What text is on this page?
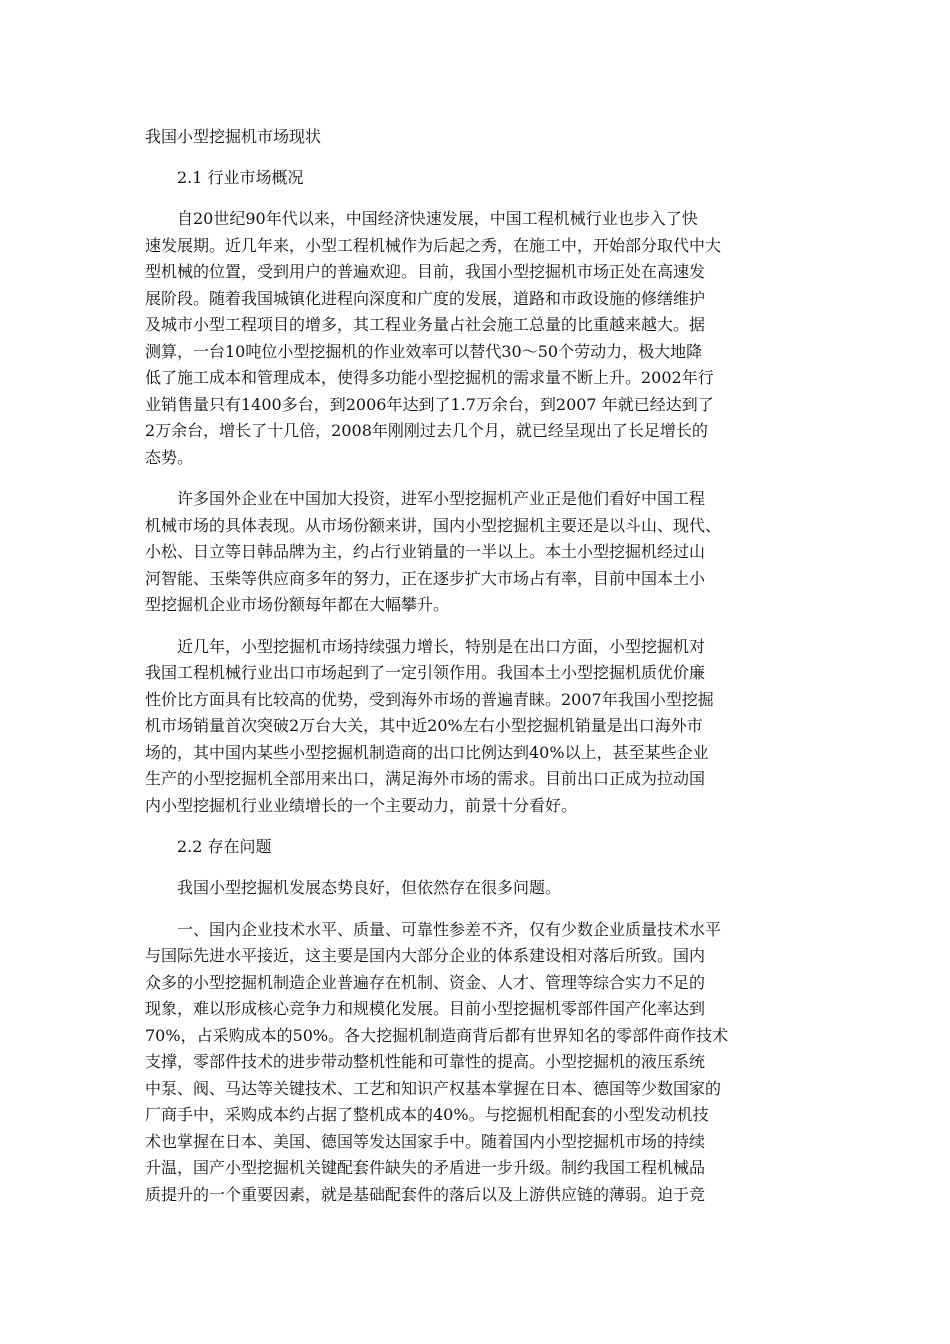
我国小型挖掘机市场现状
2.1 行业市场概况
自20世纪90年代以来，中国经济快速发展，中国工程机械行业也步入了快
速发展期。近几年来，小型工程机械作为后起之秀，在施工中，开始部分取代中大
型机械的位置，受到用户的普遍欢迎。目前，我国小型挖掘机市场正处在高速发
展阶段。随着我国城镇化进程向深度和广度的发展，道路和市政设施的修缮维护
及城市小型工程项目的增多，其工程业务量占社会施工总量的比重越来越大。据
测算，一台10吨位小型挖掘机的作业效率可以替代30～50个劳动力，极大地降
低了施工成本和管理成本，使得多功能小型挖掘机的需求量不断上升。2002年行
业销售量只有1400多台，到2006年达到了1.7万余台，到2007 年就已经达到了
2万余台，增长了十几倍，2008年刚刚过去几个月，就已经呈现出了长足增长的
态势。
许多国外企业在中国加大投资，进军小型挖掘机产业正是他们看好中国工程
机械市场的具体表现。从市场份额来讲，国内小型挖掘机主要还是以斗山、现代、
小松、日立等日韩品牌为主，约占行业销量的一半以上。本土小型挖掘机经过山
河智能、玉柴等供应商多年的努力，正在逐步扩大市场占有率，目前中国本土小
型挖掘机企业市场份额每年都在大幅攀升。
近几年，小型挖掘机市场持续强力增长，特别是在出口方面，小型挖掘机对
我国工程机械行业出口市场起到了一定引领作用。我国本土小型挖掘机质优价廉
性价比方面具有比较高的优势，受到海外市场的普遍青睐。2007年我国小型挖掘
机市场销量首次突破2万台大关，其中近20%左右小型挖掘机销量是出口海外市
场的，其中国内某些小型挖掘机制造商的出口比例达到40%以上，甚至某些企业
生产的小型挖掘机全部用来出口，满足海外市场的需求。目前出口正成为拉动国
内小型挖掘机行业业绩增长的一个主要动力，前景十分看好。
2.2 存在问题
我国小型挖掘机发展态势良好，但依然存在很多问题。
一、国内企业技术水平、质量、可靠性参差不齐，仅有少数企业质量技术水平
与国际先进水平接近，这主要是国内大部分企业的体系建设相对落后所致。国内
众多的小型挖掘机制造企业普遍存在机制、资金、人才、管理等综合实力不足的
现象，难以形成核心竞争力和规模化发展。目前小型挖掘机零部件国产化率达到
70%，占采购成本的50%。各大挖掘机制造商背后都有世界知名的零部件商作技术
支撑，零部件技术的进步带动整机性能和可靠性的提高。小型挖掘机的液压系统
中泵、阀、马达等关键技术、工艺和知识产权基本掌握在日本、德国等少数国家的
厂商手中，采购成本约占据了整机成本的40%。与挖掘机相配套的小型发动机技
术也掌握在日本、美国、德国等发达国家手中。随着国内小型挖掘机市场的持续
升温，国产小型挖掘机关键配套件缺失的矛盾进一步升级。制约我国工程机械品
质提升的一个重要因素，就是基础配套件的落后以及上游供应链的薄弱。迫于竞
